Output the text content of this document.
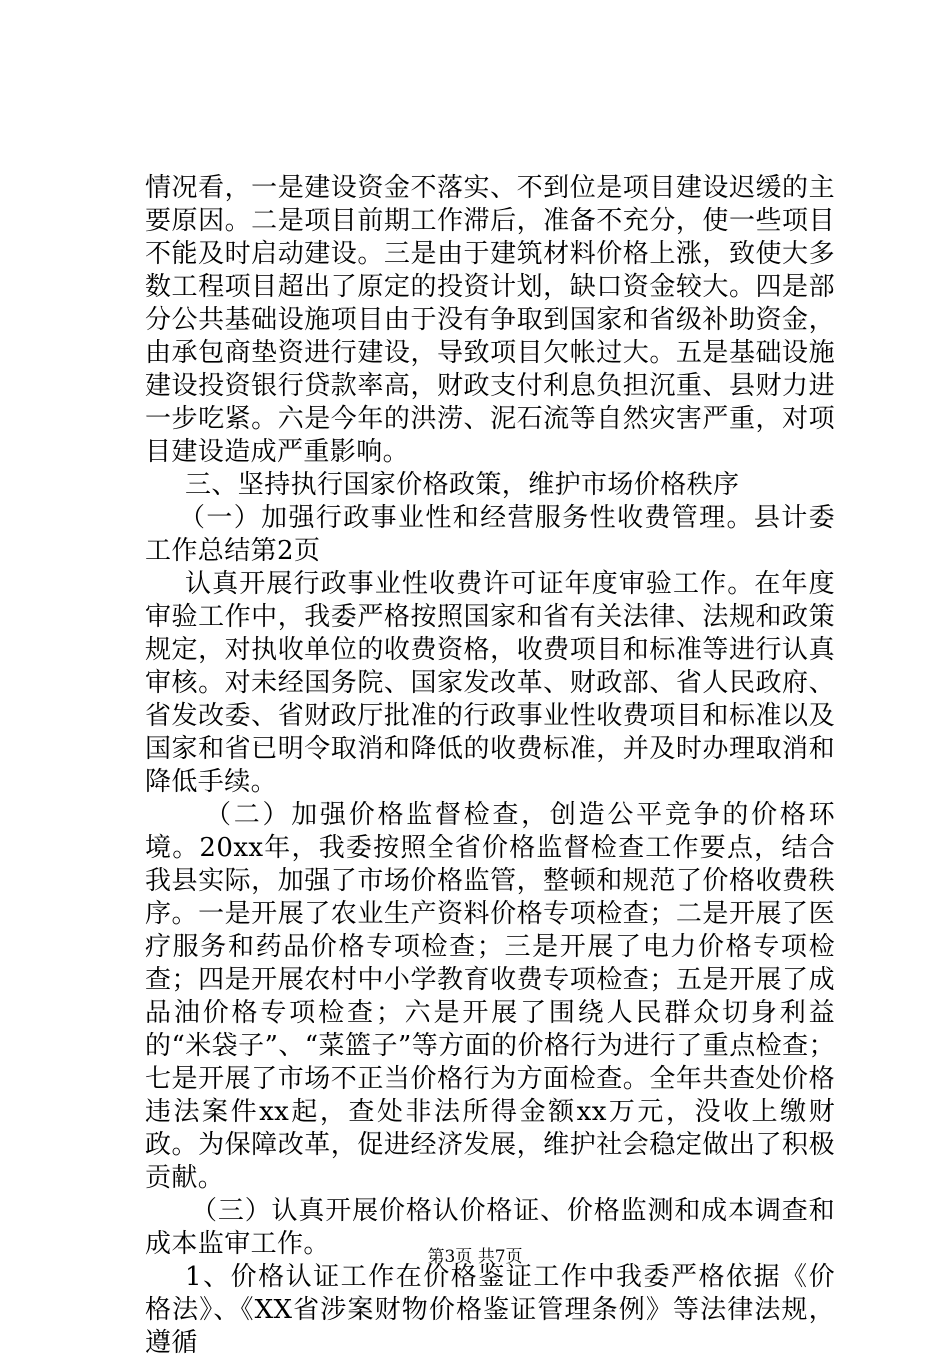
情况看，一是建设资金不落实、不到位是项目建设迟缓的主要原因。二是项目前期工作滞后，准备不充分，使一些项目不能及时启动建设。三是由于建筑材料价格上涨，致使大多数工程项目超出了原定的投资计划，缺口资金较大。四是部分公共基础设施项目由于没有争取到国家和省级补助资金，由承包商垫资进行建设，导致项目欠帐过大。五是基础设施建设投资银行贷款率高，财政支付利息负担沉重、县财力进一步吃紧。六是今年的洪涝、泥石流等自然灾害严重，对项目建设造成严重影响。

三、坚持执行国家价格政策，维护市场价格秩序

（一）加强行政事业性和经营服务性收费管理。县计委工作总结第2页

认真开展行政事业性收费许可证年度审验工作。在年度审验工作中，我委严格按照国家和省有关法律、法规和政策规定，对执收单位的收费资格，收费项目和标准等进行认真审核。对未经国务院、国家发改革、财政部、省人民政府、省发改委、省财政厅批准的行政事业性收费项目和标准以及国家和省已明令取消和降低的收费标准，并及时办理取消和降低手续。

（二）加强价格监督检查，创造公平竞争的价格环境。20xx年，我委按照全省价格监督检查工作要点，结合我县实际，加强了市场价格监管，整顿和规范了价格收费秩序。一是开展了农业生产资料价格专项检查；二是开展了医疗服务和药品价格专项检查；三是开展了电力价格专项检查；四是开展农村中小学教育收费专项检查；五是开展了成品油价格专项检查；六是开展了围绕人民群众切身利益的“米袋子”、“菜篮子”等方面的价格行为进行了重点检查；七是开展了市场不正当价格行为方面检查。全年共查处价格违法案件xx起，查处非法所得金额xx万元，没收上缴财政。为保障改革，促进经济发展，维护社会稳定做出了积极贡献。

（三）认真开展价格认价格证、价格监测和成本调查和成本监审工作。

1、价格认证工作在价格鉴证工作中我委严格依据《价格法》、《XX省涉案财物价格鉴证管理条例》等法律法规，遵循

第3页 共7页
